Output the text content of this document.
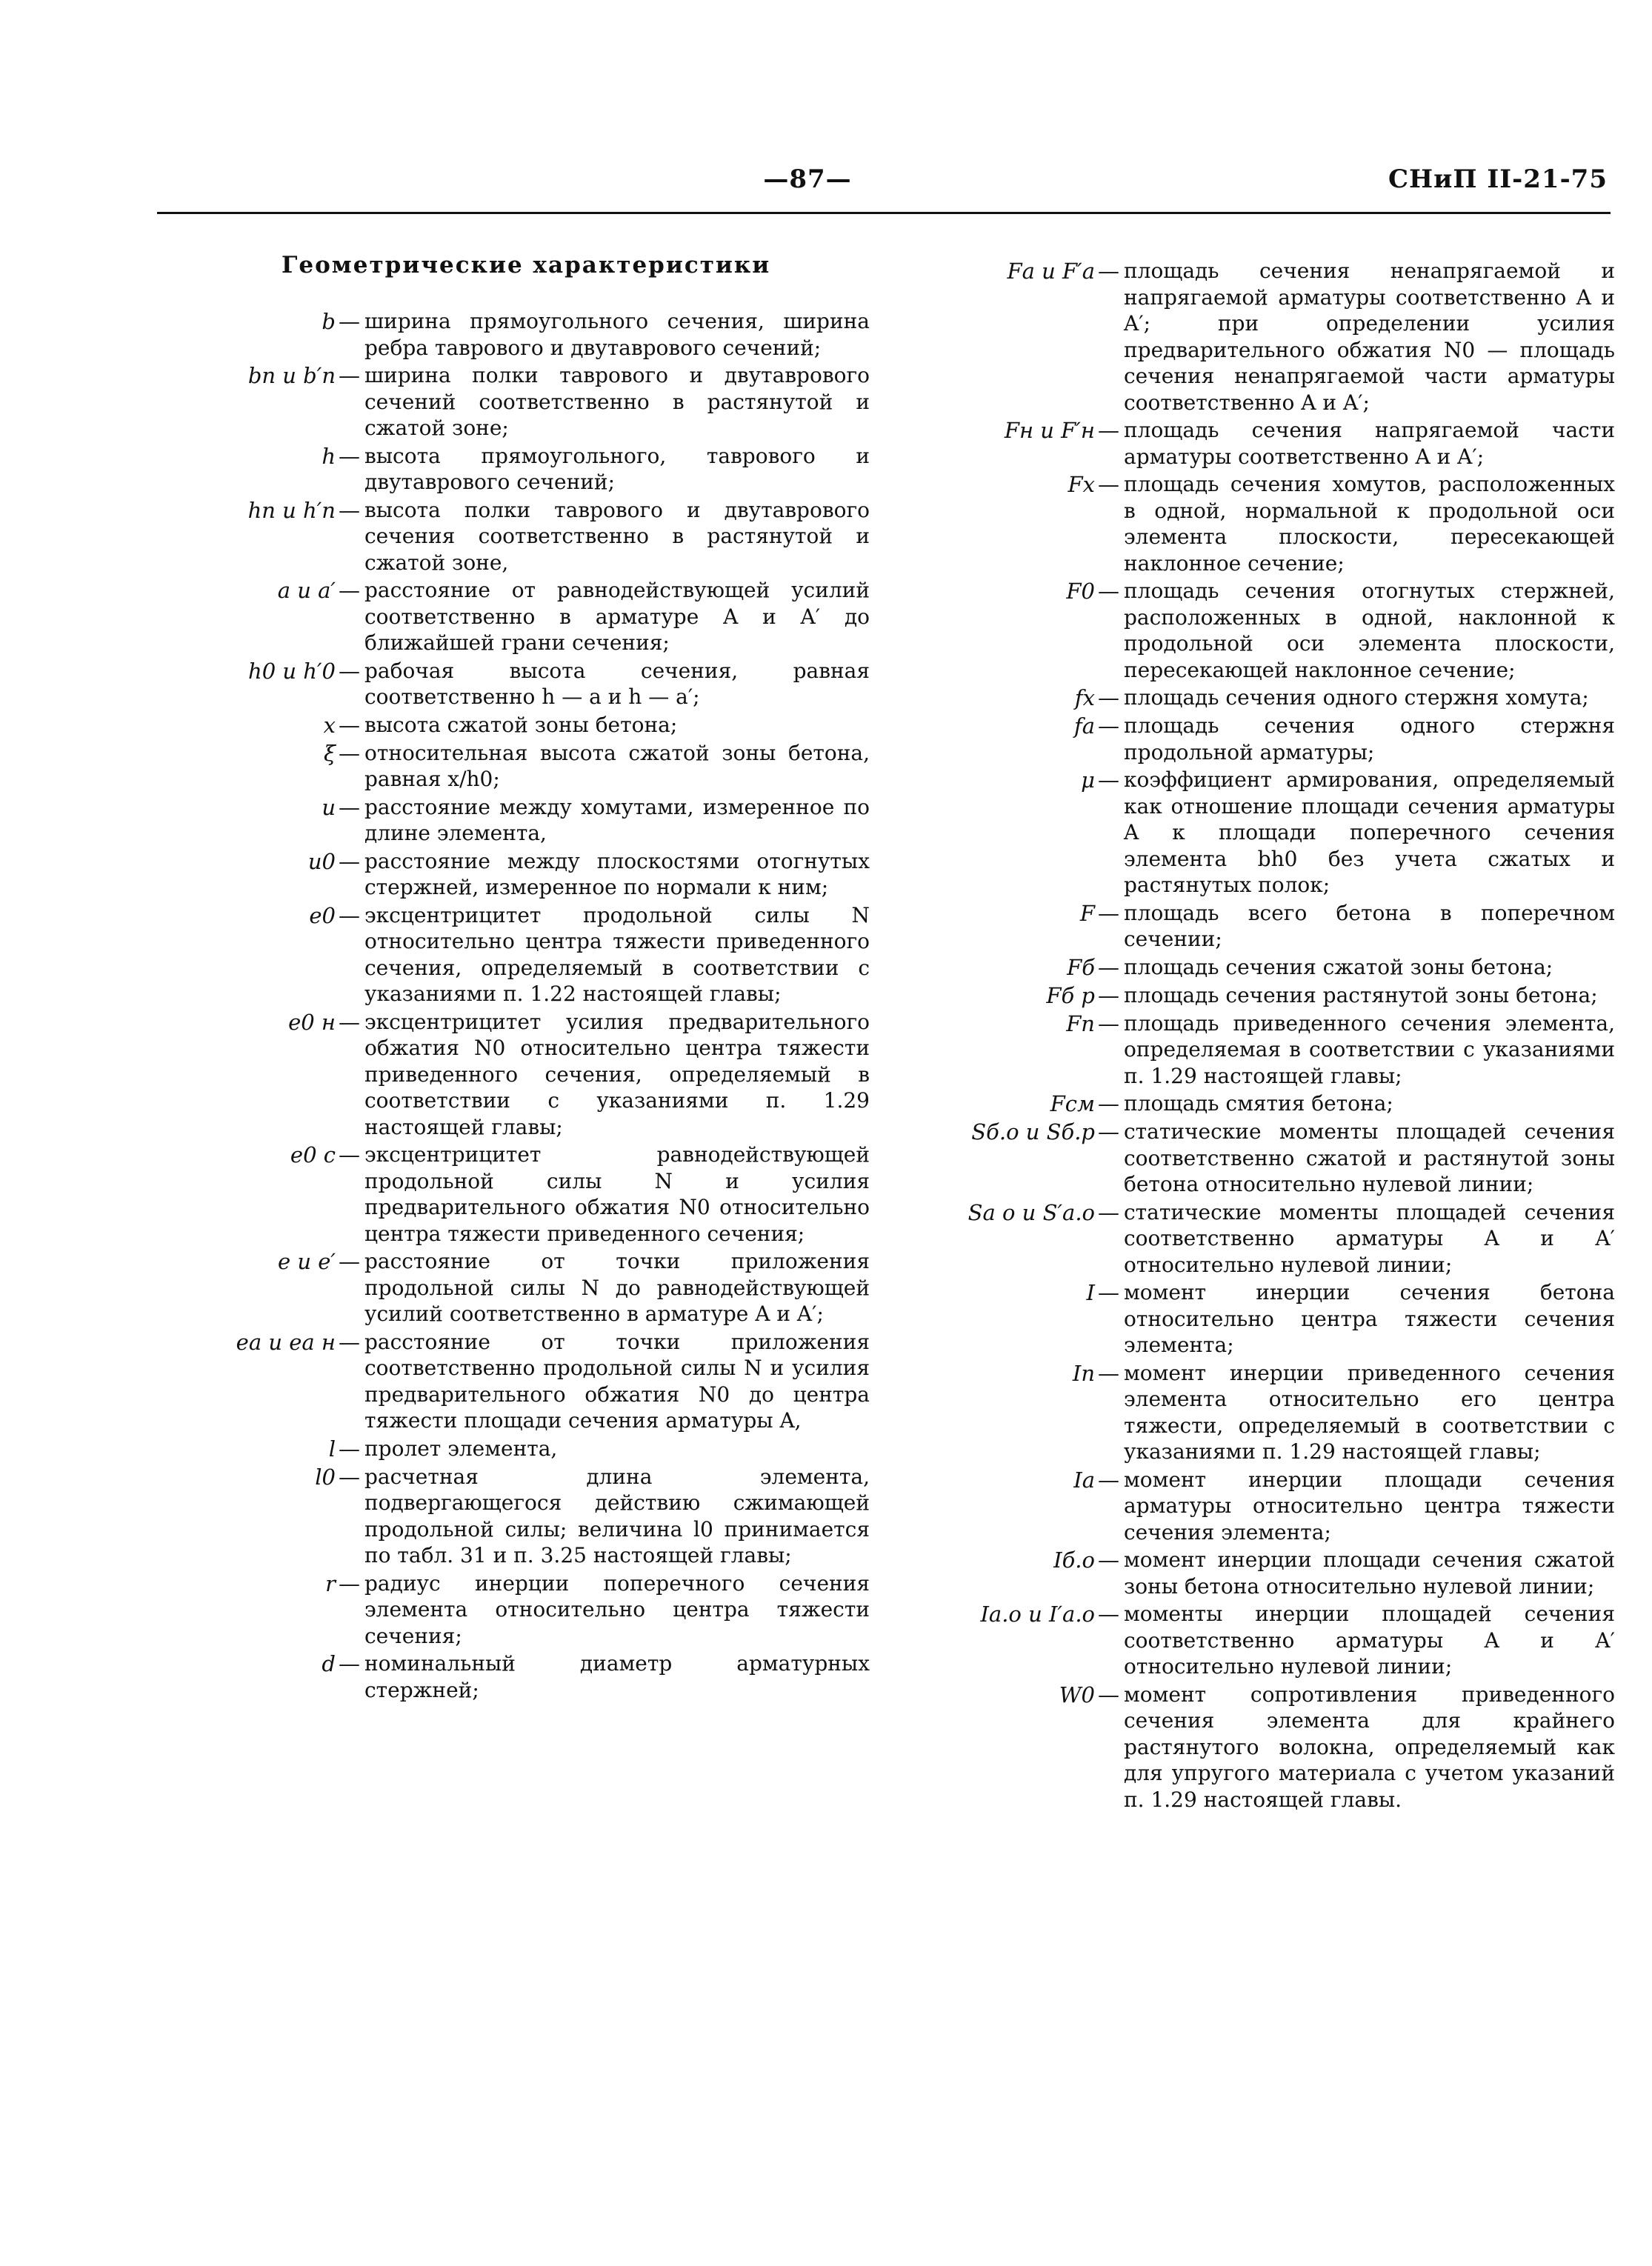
—87—	СНиП II-21-75
Геометрические характеристики
b — ширина прямоугольного сечения, ширина ребра таврового и двутаврового сечений;
bп и b′п — ширина полки таврового и двутаврового сечений соответственно в растянутой и сжатой зоне;
h — высота прямоугольного, таврового и двутаврового сечений;
hп и h′п — высота полки таврового и двутаврового сечения соответственно в растянутой и сжатой зоне,
a и a′ — расстояние от равнодействующей усилий соответственно в арматуре A и A′ до ближайшей грани сечения;
h0 и h′0 — рабочая высота сечения, равная соответственно h — a и h — a′;
x — высота сжатой зоны бетона;
ξ — относительная высота сжатой зоны бетона, равная x/h0;
u — расстояние между хомутами, измеренное по длине элемента,
u0 — расстояние между плоскостями отогнутых стержней, измеренное по нормали к ним;
e0 — эксцентрицитет продольной силы N относительно центра тяжести приведенного сечения, определяемый в соответствии с указаниями п. 1.22 настоящей главы;
e0 н — эксцентрицитет усилия предварительного обжатия N0 относительно центра тяжести приведенного сечения, определяемый в соответствии с указаниями п. 1.29 настоящей главы;
e0 с — эксцентрицитет равнодействующей продольной силы N и усилия предварительного обжатия N0 относительно центра тяжести приведенного сечения;
e и e′ — расстояние от точки приложения продольной силы N до равнодействующей усилий соответственно в арматуре A и A′;
eа и eа н — расстояние от точки приложения соответственно продольной силы N и усилия предварительного обжатия N0 до центра тяжести площади сечения арматуры A,
l — пролет элемента,
l0 — расчетная длина элемента, подвергающегося действию сжимающей продольной силы; величина l0 принимается по табл. 31 и п. 3.25 настоящей главы;
r — радиус инерции поперечного сечения элемента относительно центра тяжести сечения;
d — номинальный диаметр арматурных стержней;
Fа и F′а — площадь сечения ненапрягаемой и напрягаемой арматуры соответственно A и A′; при определении усилия предварительного обжатия N0 — площадь сечения ненапрягаемой части арматуры соответственно A и A′;
Fн и F′н — площадь сечения напрягаемой части арматуры соответственно A и A′;
Fх — площадь сечения хомутов, расположенных в одной, нормальной к продольной оси элемента плоскости, пересекающей наклонное сечение;
F0 — площадь сечения отогнутых стержней, расположенных в одной, наклонной к продольной оси элемента плоскости, пересекающей наклонное сечение;
fх — площадь сечения одного стержня хомута;
fа — площадь сечения одного стержня продольной арматуры;
μ — коэффициент армирования, определяемый как отношение площади сечения арматуры A к площади поперечного сечения элемента bh0 без учета сжатых и растянутых полок;
F — площадь всего бетона в поперечном сечении;
Fб — площадь сечения сжатой зоны бетона;
Fб р — площадь сечения растянутой зоны бетона;
Fп — площадь приведенного сечения элемента, определяемая в соответствии с указаниями п. 1.29 настоящей главы;
Fсм — площадь смятия бетона;
Sб.о и Sб.р — статические моменты площадей сечения соответственно сжатой и растянутой зоны бетона относительно нулевой линии;
Sа о и S′а.о — статические моменты площадей сечения соответственно арматуры A и A′ относительно нулевой линии;
I — момент инерции сечения бетона относительно центра тяжести сечения элемента;
Iп — момент инерции приведенного сечения элемента относительно его центра тяжести, определяемый в соответствии с указаниями п. 1.29 настоящей главы;
Iа — момент инерции площади сечения арматуры относительно центра тяжести сечения элемента;
Iб.о — момент инерции площади сечения сжатой зоны бетона относительно нулевой линии;
Iа.о и I′а.о — моменты инерции площадей сечения соответственно арматуры A и A′ относительно нулевой линии;
W0 — момент сопротивления приведенного сечения элемента для крайнего растянутого волокна, определяемый как для упругого материала с учетом указаний п. 1.29 настоящей главы.
